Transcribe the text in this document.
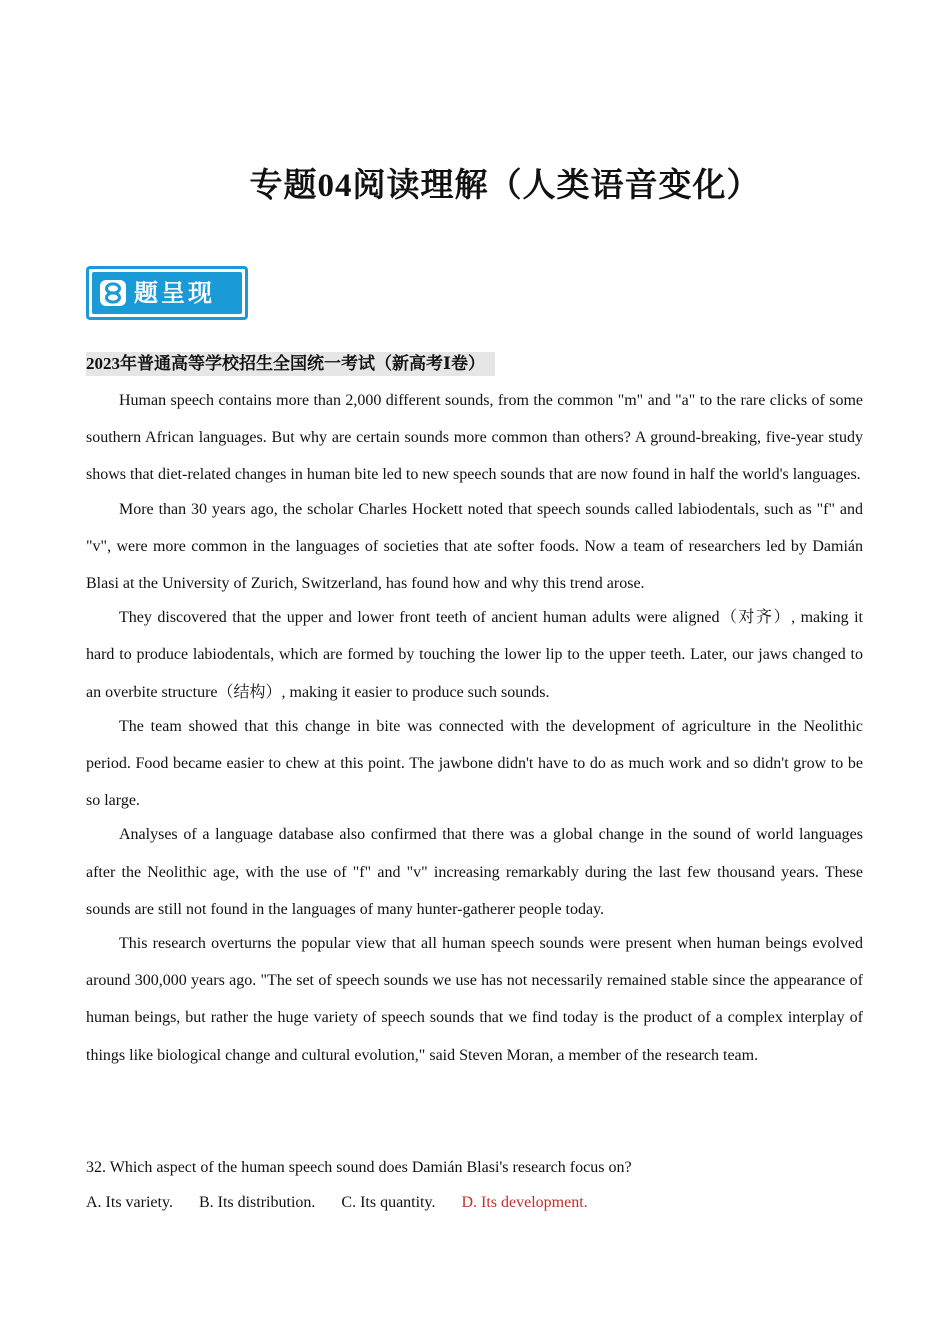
专题04阅读理解（人类语音变化）
题呈现
2023年普通高等学校招生全国统一考试（新高考Ⅰ卷）

Human speech contains more than 2,000 different sounds, from the common "m" and "a" to the rare clicks of some southern African languages. But why are certain sounds more common than others? A ground-breaking, five-year study shows that diet-related changes in human bite led to new speech sounds that are now found in half the world's languages.

More than 30 years ago, the scholar Charles Hockett noted that speech sounds called labiodentals, such as "f" and "v", were more common in the languages of societies that ate softer foods. Now a team of researchers led by Damián Blasi at the University of Zurich, Switzerland, has found how and why this trend arose.

They discovered that the upper and lower front teeth of ancient human adults were aligned（对齐）, making it hard to produce labiodentals, which are formed by touching the lower lip to the upper teeth. Later, our jaws changed to an overbite structure（结构）, making it easier to produce such sounds.

The team showed that this change in bite was connected with the development of agriculture in the Neolithic period. Food became easier to chew at this point. The jawbone didn't have to do as much work and so didn't grow to be so large.

Analyses of a language database also confirmed that there was a global change in the sound of world languages after the Neolithic age, with the use of "f" and "v" increasing remarkably during the last few thousand years. These sounds are still not found in the languages of many hunter-gatherer people today.

This research overturns the popular view that all human speech sounds were present when human beings evolved around 300,000 years ago. "The set of speech sounds we use has not necessarily remained stable since the appearance of human beings, but rather the huge variety of speech sounds that we find today is the product of a complex interplay of things like biological change and cultural evolution," said Steven Moran, a member of the research team.

32. Which aspect of the human speech sound does Damián Blasi's research focus on?
A. Its variety. B. Its distribution. C. Its quantity. D. Its development.
